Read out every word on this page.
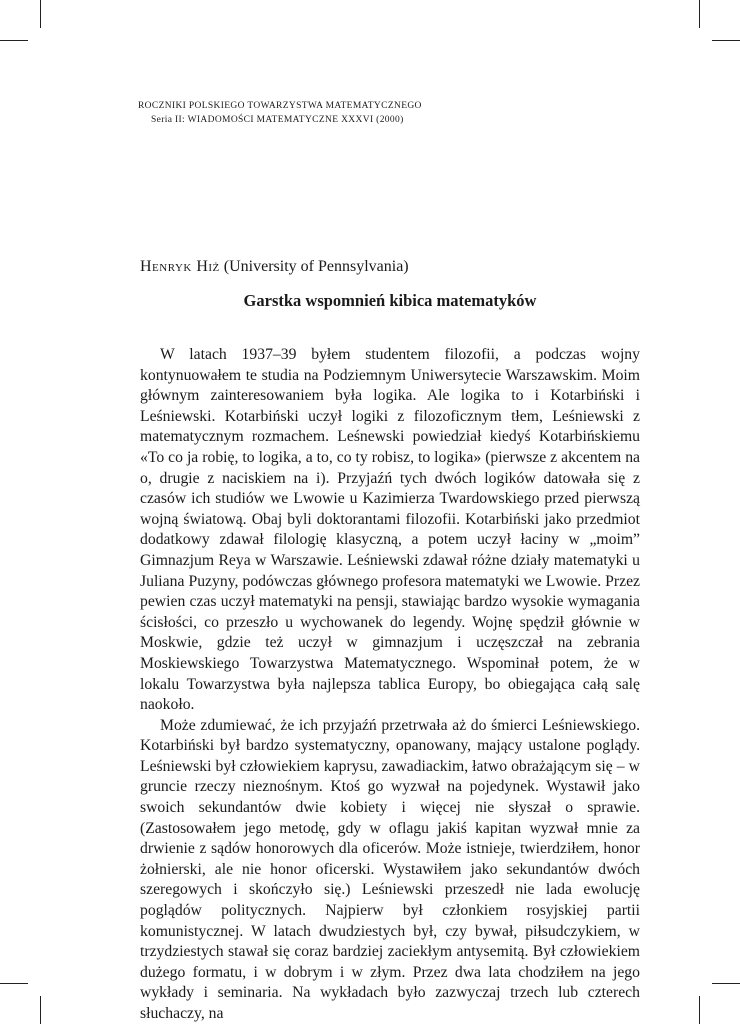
ROCZNIKI POLSKIEGO TOWARZYSTWA MATEMATYCZNEGO
Seria II: WIADOMOŚCI MATEMATYCZNE XXXVI (2000)
Henryk Hiż (University of Pennsylvania)
Garstka wspomnień kibica matematyków

W latach 1937–39 byłem studentem filozofii, a podczas wojny kontynuowałem te studia na Podziemnym Uniwersytecie Warszawskim. Moim głównym zainteresowaniem była logika. Ale logika to i Kotarbiński i Leśniewski. Kotarbiński uczył logiki z filozoficznym tłem, Leśniewski z matematycznym rozmachem. Leśnewski powiedział kiedyś Kotarbińskiemu «To co ja robię, to logika, a to, co ty robisz, to logika» (pierwsze z akcentem na o, drugie z naciskiem na i). Przyjaźń tych dwóch logików datowała się z czasów ich studiów we Lwowie u Kazimierza Twardowskiego przed pierwszą wojną światową. Obaj byli doktorantami filozofii. Kotarbiński jako przedmiot dodatkowy zdawał filologię klasyczną, a potem uczył łaciny w „moim” Gimnazjum Reya w Warszawie. Leśniewski zdawał różne działy matematyki u Juliana Puzyny, podówczas głównego profesora matematyki we Lwowie. Przez pewien czas uczył matematyki na pensji, stawiając bardzo wysokie wymagania ścisłości, co przeszło u wychowanek do legendy. Wojnę spędził głównie w Moskwie, gdzie też uczył w gimnazjum i uczęszczał na zebrania Moskiewskiego Towarzystwa Matematycznego. Wspominał potem, że w lokalu Towarzystwa była najlepsza tablica Europy, bo obiegająca całą salę naokoło.

Może zdumiewać, że ich przyjaźń przetrwała aż do śmierci Leśniewskiego. Kotarbiński był bardzo systematyczny, opanowany, mający ustalone poglądy. Leśniewski był człowiekiem kaprysu, zawadiackim, łatwo obrażającym się – w gruncie rzeczy nieznośnym. Ktoś go wyzwał na pojedynek. Wystawił jako swoich sekundantów dwie kobiety i więcej nie słyszał o sprawie. (Zastosowałem jego metodę, gdy w oflagu jakiś kapitan wyzwał mnie za drwienie z sądów honorowych dla oficerów. Może istnieje, twierdziłem, honor żołnierski, ale nie honor oficerski. Wystawiłem jako sekundantów dwóch szeregowych i skończyło się.) Leśniewski przeszedł nie lada ewolucję poglądów politycznych. Najpierw był członkiem rosyjskiej partii komunistycznej. W latach dwudziestych był, czy bywał, piłsudczykiem, w trzydziestych stawał się coraz bardziej zaciekłym antysemitą. Był człowiekiem dużego formatu, i w dobrym i w złym. Przez dwa lata chodziłem na jego wykłady i seminaria. Na wykładach było zazwyczaj trzech lub czterech słuchaczy, na
